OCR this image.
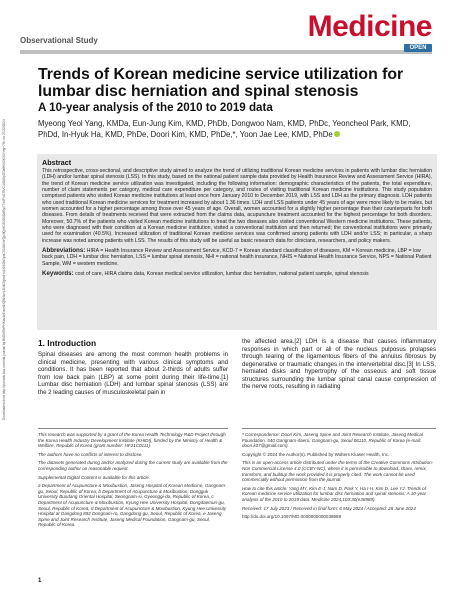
Downloaded from http://journals.lww.com/md-journal by BhDMf5ePHKav1zEoum1tQfN4a+kJLhEZgbsIHo4XMi0hCywCX1AWnYQp/IlQrHD3i3D0OdRyi7TvSFl4Cf3VC4/OAVpDDa8KKGKV0Ymy+78= on 07/22/2024
Observational Study	Medicine
OPEN
Trends of Korean medicine service utilization for lumbar disc herniation and spinal stenosis
A 10-year analysis of the 2010 to 2019 data
Myeong Yeol Yang, KMDa, Eun-Jung Kim, KMD, PhDb, Dongwoo Nam, KMD, PhDc, Yeoncheol Park, KMD, PhDd, In-Hyuk Ha, KMD, PhDe, Doori Kim, KMD, PhDe,*, Yoon Jae Lee, KMD, PhDe
Abstract
This retrospective, cross-sectional, and descriptive study aimed to analyze the trend of utilizing traditional Korean medicine services in patients with lumbar disc herniation (LDH) and/or lumbar spinal stenosis (LSS). In this study, based on the national patient sample data provided by Health Insurance Review and Assessment Service (HIRA), the trend of Korean medicine service utilization was investigated, including the following information: demographic characteristics of the patients, the total expenditure, number of claim statements per category, medical care expenditure per category, and routes of visiting traditional Korean medicine institutions. This study population comprised patients who visited Korean medicine institutions at least once from January 2010 to December 2019, with LSS and LDH as the primary diagnosis. LDH patients who used traditional Korean medicine services for treatment increased by about 1.36 times. LDH and LSS patients under 45 years of age were more likely to be males, but women accounted for a higher percentage among those over 45 years of age. Overall, women accounted for a slightly higher percentage than their counterparts for both diseases. From details of treatments received that were extracted from the claims data, acupuncture treatment accounted for the highest percentage for both disorders. Moreover, 50.7% of the patients who visited Korean medicine institutions to treat the two diseases also visited conventional Western medicine institutions. These patients, who were diagnosed with their condition at a Korean medicine institution, visited a conventional institution and then returned; the conventional institutions were primarily used for examination (40.5%). Increased utilization of traditional Korean medicine services was confirmed among patients with LDH and/or LSS; in particular, a sharp increase was noted among patients with LSS. The results of this study will be useful as basic research data for clinicians, researchers, and policy makers.
Abbreviations: HIRA = Health Insurance Review and Assessment Service, KCD-7 = Korean standard classification of diseases, KM = Korean medicine, LBP = low back pain, LDH = lumbar disc herniation, LSS = lumbar spinal stenosis, NHI = national health insurance, NHIS = National Health Insurance Service, NPS = National Patient Sample, WM = western medicine.
Keywords: cost of care, HIRA claims data, Korean medical service utilization, lumbar disc herniation, national patient sample, spinal stenosis
1. Introduction
Spinal diseases are among the most common health problems in clinical medicine, presenting with various clinical symptoms and conditions. It has been reported that about 2-thirds of adults suffer from low back pain (LBP) at some point during their life-time.[1] Lumbar disc herniation (LDH) and lumbar spinal stenosis (LSS) are the 2 leading causes of musculoskeletal pain in
the affected area.[2] LDH is a disease that causes inflammatory responses in which part or all of the nucleus pulposus prolapses through tearing of the ligamentous fibers of the annulus fibrosus by degenerative or traumatic changes in the intervertebral disc.[3] In LSS, herniated disks and hypertrophy of the osseous and soft tissue structures surrounding the lumbar spinal canal cause compression of the nerve roots, resulting in radiating

This research was supported by a grant of the Korea Health Technology R&D Project through the Korea Health Industry Development Institute (KHIDI), funded by the Ministry of Health & Welfare, Republic of Korea (grant number: HF21C0111).

The authors have no conflicts of interest to disclose.

The datasets generated during and/or analyzed during the current study are available from the corresponding author on reasonable request.

Supplemental Digital Content is available for this article.

a Department of Acupuncture & Moxibustion, Jaseng Hospital of Korean Medicine, Gangnam-gu, Seoul, Republic of Korea, b Department of Acupuncture & Moxibustion, Dongguk University Bundang Oriental Hospital, Seongnam-si, Gyeonggi-do, Republic of Korea, c Department of Acupuncture & Moxibustion, Kyung Hee University Hospital, Dongdaemun-gu, Seoul, Republic of Korea, d Department of Acupuncture & Moxibustion, Kyung Hee University Hospital at Gangdong 892 Dongnam-ro, Gangdong-gu, Seoul, Republic of Korea, e Jaseng Spine and Joint Research Institute, Jaseng Medical Foundation, Gangnam-gu, Seoul, Republic of Korea.

* Correspondence: Doori Kim, Jaseng Spine and Joint Research Institute, Jaseng Medical Foundation, 540 Gangnam-daero, Gangnam-gu, Seoul 06110, Republic of Korea (e-mail: doori.k07@gmail.com).

Copyright © 2024 the Author(s). Published by Wolters Kluwer Health, Inc.

This is an open-access article distributed under the terms of the Creative Commons Attribution-Non Commercial License 4.0 (CCBY-NC), where it is permissible to download, share, remix, transform, and buildup the work provided it is properly cited. The work cannot be used commercially without permission from the journal.

How to cite this article: Yang MY, Kim E-J, Nam D, Park Y, Ha I-H, Kim D, Lee YJ. Trends of Korean medicine service utilization for lumbar disc herniation and spinal stenosis: A 10-year analysis of the 2010 to 2019 data. Medicine 2024;103:30(e38989).

Received: 17 July 2023 / Received in final form: 6 May 2024 / Accepted: 28 June 2024

http://dx.doi.org/10.1097/MD.0000000000038989

1
